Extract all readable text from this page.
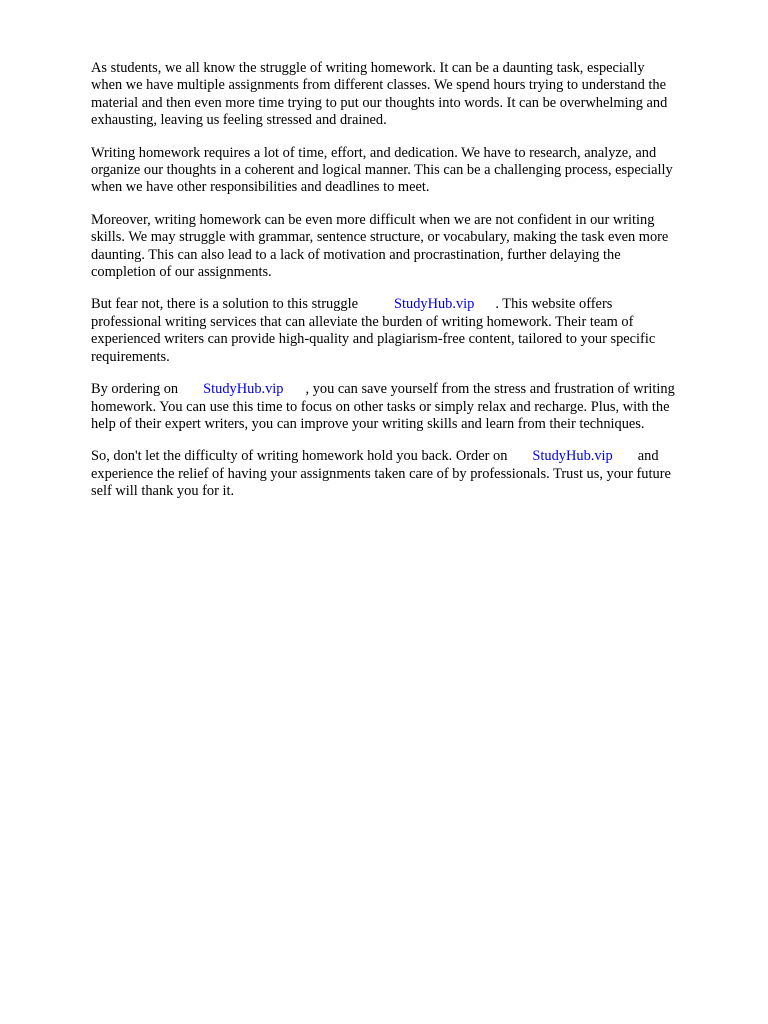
As students, we all know the struggle of writing homework. It can be a daunting task, especially
when we have multiple assignments from different classes. We spend hours trying to understand the
material and then even more time trying to put our thoughts into words. It can be overwhelming and
exhausting, leaving us feeling stressed and drained.

Writing homework requires a lot of time, effort, and dedication. We have to research, analyze, and
organize our thoughts in a coherent and logical manner. This can be a challenging process, especially
when we have other responsibilities and deadlines to meet.

Moreover, writing homework can be even more difficult when we are not confident in our writing
skills. We may struggle with grammar, sentence structure, or vocabulary, making the task even more
daunting. This can also lead to a lack of motivation and procrastination, further delaying the
completion of our assignments.

But fear not, there is a solution to this struggle	StudyHub.vip . This website offers
professional writing services that can alleviate the burden of writing homework. Their team of
experienced writers can provide high-quality and plagiarism-free content, tailored to your specific
requirements.

By ordering on StudyHub.vip , you can save yourself from the stress and frustration of writing
homework. You can use this time to focus on other tasks or simply relax and recharge. Plus, with the
help of their expert writers, you can improve your writing skills and learn from their techniques.

So, don't let the difficulty of writing homework hold you back. Order on StudyHub.vip and
experience the relief of having your assignments taken care of by professionals. Trust us, your future
self will thank you for it.
